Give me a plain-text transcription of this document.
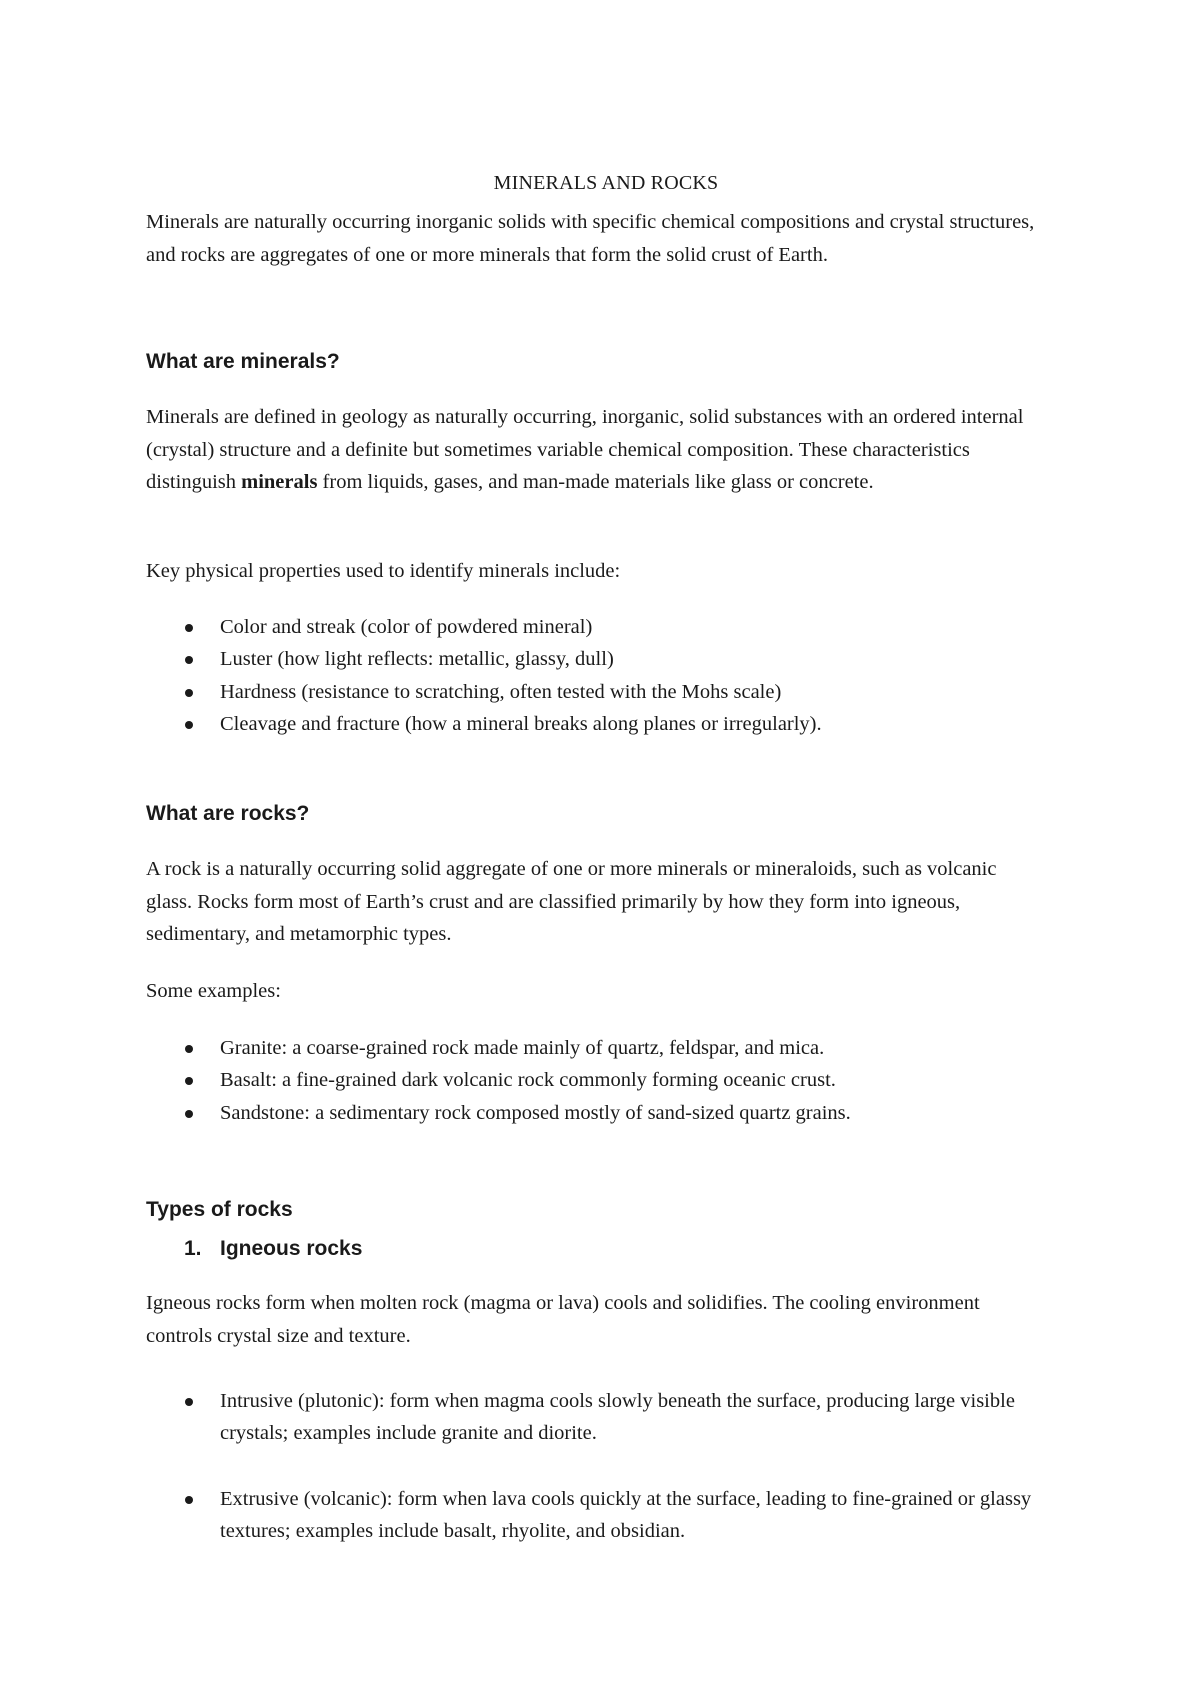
MINERALS AND ROCKS

Minerals are naturally occurring inorganic solids with specific chemical compositions and crystal structures, and rocks are aggregates of one or more minerals that form the solid crust of Earth.

What are minerals?

Minerals are defined in geology as naturally occurring, inorganic, solid substances with an ordered internal (crystal) structure and a definite but sometimes variable chemical composition. These characteristics distinguish minerals from liquids, gases, and man-made materials like glass or concrete.

Key physical properties used to identify minerals include:

Color and streak (color of powdered mineral)
Luster (how light reflects: metallic, glassy, dull)
Hardness (resistance to scratching, often tested with the Mohs scale)
Cleavage and fracture (how a mineral breaks along planes or irregularly).
What are rocks?

A rock is a naturally occurring solid aggregate of one or more minerals or mineraloids, such as volcanic glass. Rocks form most of Earth’s crust and are classified primarily by how they form into igneous, sedimentary, and metamorphic types.

Some examples:

Granite: a coarse-grained rock made mainly of quartz, feldspar, and mica.
Basalt: a fine-grained dark volcanic rock commonly forming oceanic crust.
Sandstone: a sedimentary rock composed mostly of sand-sized quartz grains.
Types of rocks
1. Igneous rocks

Igneous rocks form when molten rock (magma or lava) cools and solidifies. The cooling environment controls crystal size and texture.

Intrusive (plutonic): form when magma cools slowly beneath the surface, producing large visible crystals; examples include granite and diorite.
Extrusive (volcanic): form when lava cools quickly at the surface, leading to fine-grained or glassy textures; examples include basalt, rhyolite, and obsidian.
